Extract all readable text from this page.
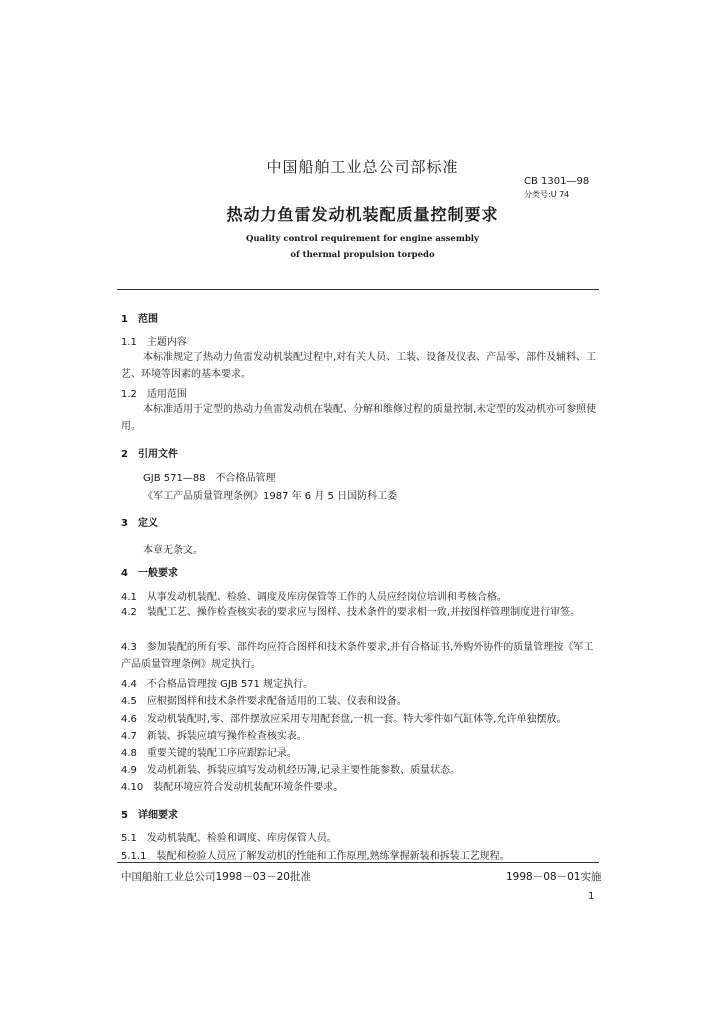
中国船舶工业总公司部标准
CB 1301—98
分类号:U 74
热动力鱼雷发动机装配质量控制要求
Quality control requirement for engine assembly
of thermal propulsion torpedo
1　范围
1.1　主题内容
本标准规定了热动力鱼雷发动机装配过程中,对有关人员、工装、设备及仪表、产品零、部件及辅料、工艺、环境等因素的基本要求。
1.2　适用范围
本标准适用于定型的热动力鱼雷发动机在装配、分解和维修过程的质量控制,未定型的发动机亦可参照使用。
2　引用文件
GJB 571—88　不合格品管理
《军工产品质量管理条例》1987 年 6 月 5 日国防科工委
3　定义
本章无条文。
4　一般要求
4.1　从事发动机装配、检验、调度及库房保管等工作的人员应经岗位培训和考核合格。
4.2　装配工艺、操作检查核实表的要求应与图样、技术条件的要求相一致,并按图样管理制度进行审签。
4.3　参加装配的所有零、部件均应符合图样和技术条件要求,并有合格证书,外购外协件的质量管理按《军工产品质量管理条例》规定执行。
4.4　不合格品管理按 GJB 571 规定执行。
4.5　应根据图样和技术条件要求配备适用的工装、仪表和设备。
4.6　发动机装配时,零、部件摆放应采用专用配套盘,一机一套。特大零件如气缸体等,允许单独摆放。
4.7　新装、拆装应填写操作检查核实表。
4.8　重要关键的装配工序应跟踪记录。
4.9　发动机新装、拆装应填写发动机经历簿,记录主要性能参数、质量状态。
4.10　装配环境应符合发动机装配环境条件要求。
5　详细要求
5.1　发动机装配、检验和调度、库房保管人员。
5.1.1　装配和检验人员应了解发动机的性能和工作原理,熟练掌握新装和拆装工艺规程。
中国船舶工业总公司1998－03－20批准	1998－08－01实施
1
